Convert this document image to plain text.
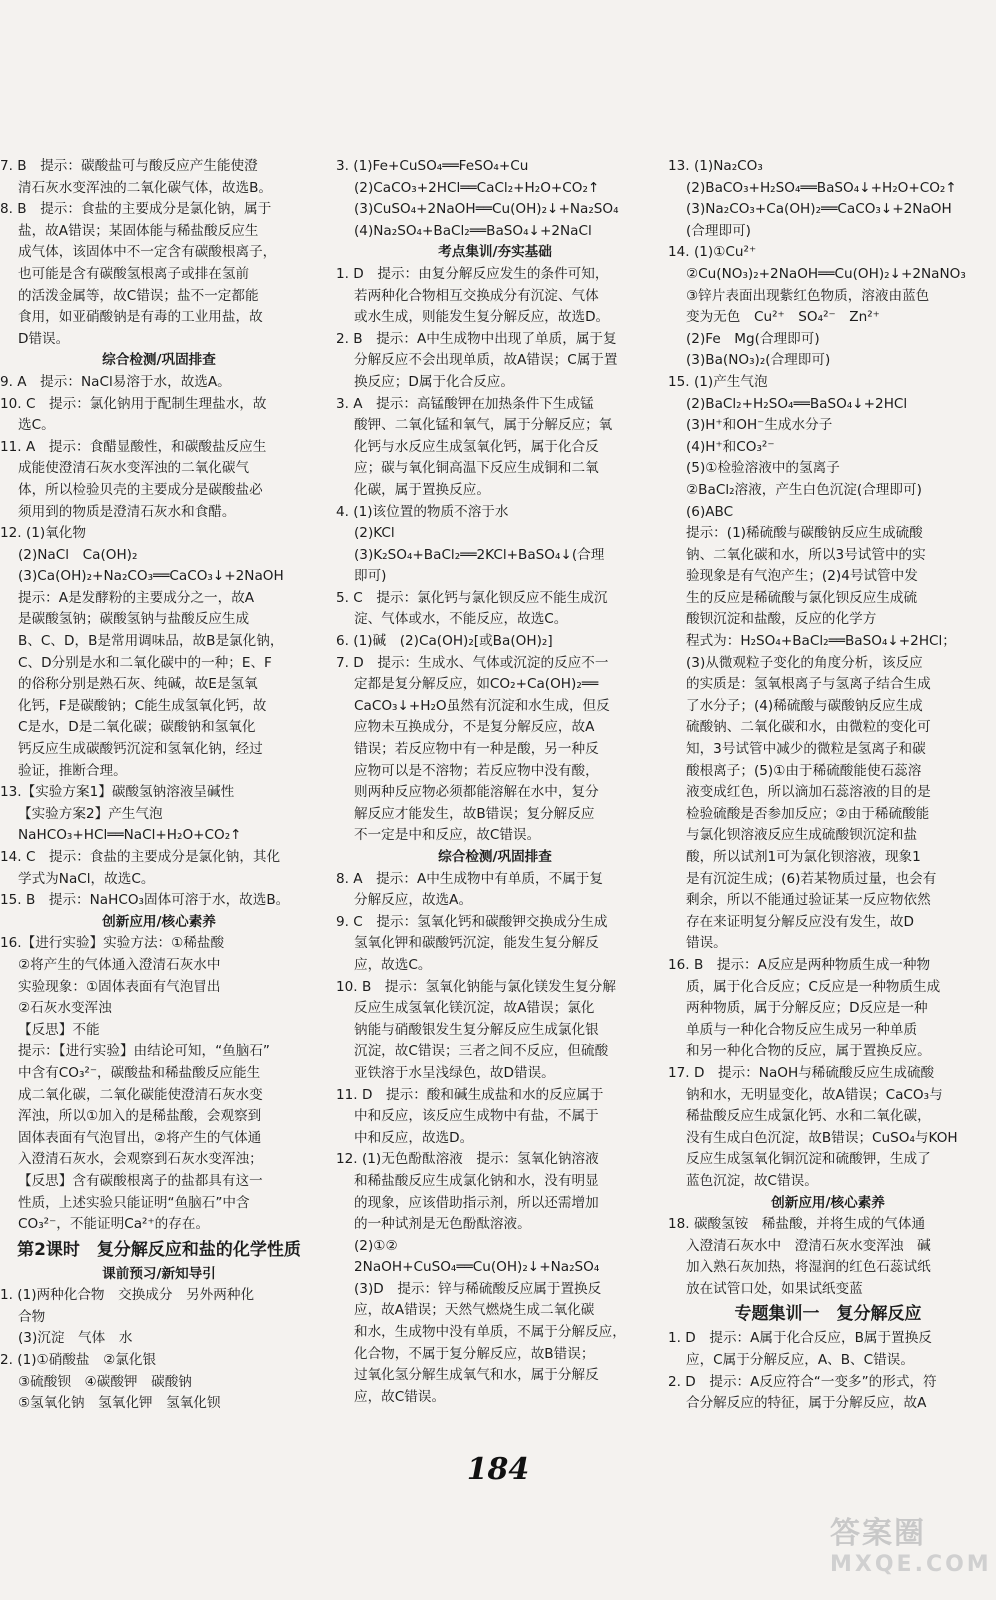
7. B　提示：碳酸盐可与酸反应产生能使澄
清石灰水变浑浊的二氧化碳气体，故选B。
8. B　提示：食盐的主要成分是氯化钠，属于
盐，故A错误；某固体能与稀盐酸反应生
成气体，该固体中不一定含有碳酸根离子，
也可能是含有碳酸氢根离子或排在氢前
的活泼金属等，故C错误；盐不一定都能
食用，如亚硝酸钠是有毒的工业用盐，故
D错误。
综合检测/巩固排查
9. A　提示：NaCl易溶于水，故选A。
10. C　提示：氯化钠用于配制生理盐水，故
选C。
11. A　提示：食醋显酸性，和碳酸盐反应生
成能使澄清石灰水变浑浊的二氧化碳气
体，所以检验贝壳的主要成分是碳酸盐必
须用到的物质是澄清石灰水和食醋。
12. (1)氧化物
(2)NaCl　Ca(OH)₂
(3)Ca(OH)₂+Na₂CO₃══CaCO₃↓+2NaOH
提示：A是发酵粉的主要成分之一，故A
是碳酸氢钠；碳酸氢钠与盐酸反应生成
B、C、D，B是常用调味品，故B是氯化钠，
C、D分别是水和二氧化碳中的一种；E、F
的俗称分别是熟石灰、纯碱，故E是氢氧
化钙，F是碳酸钠；C能生成氢氧化钙，故
C是水，D是二氧化碳；碳酸钠和氢氧化
钙反应生成碳酸钙沉淀和氢氧化钠，经过
验证，推断合理。
13.【实验方案1】碳酸氢钠溶液呈碱性
【实验方案2】产生气泡
NaHCO₃+HCl══NaCl+H₂O+CO₂↑
14. C　提示：食盐的主要成分是氯化钠，其化
学式为NaCl，故选C。
15. B　提示：NaHCO₃固体可溶于水，故选B。
创新应用/核心素养
16.【进行实验】实验方法：①稀盐酸
②将产生的气体通入澄清石灰水中
实验现象：①固体表面有气泡冒出
②石灰水变浑浊
【反思】不能
提示：【进行实验】由结论可知，“鱼脑石”
中含有CO₃²⁻，碳酸盐和稀盐酸反应能生
成二氧化碳，二氧化碳能使澄清石灰水变
浑浊，所以①加入的是稀盐酸，会观察到
固体表面有气泡冒出，②将产生的气体通
入澄清石灰水，会观察到石灰水变浑浊；
【反思】含有碳酸根离子的盐都具有这一
性质，上述实验只能证明“鱼脑石”中含
CO₃²⁻，不能证明Ca²⁺的存在。
第2课时　复分解反应和盐的化学性质
课前预习/新知导引
1. (1)两种化合物　交换成分　另外两种化
合物
(3)沉淀　气体　水
2. (1)①硝酸盐　②氯化银
③硫酸钡　④碳酸钾　碳酸钠
⑤氢氧化钠　氢氧化钾　氢氧化钡
3. (1)Fe+CuSO₄══FeSO₄+Cu
(2)CaCO₃+2HCl══CaCl₂+H₂O+CO₂↑
(3)CuSO₄+2NaOH══Cu(OH)₂↓+Na₂SO₄
(4)Na₂SO₄+BaCl₂══BaSO₄↓+2NaCl
考点集训/夯实基础
1. D　提示：由复分解反应发生的条件可知，
若两种化合物相互交换成分有沉淀、气体
或水生成，则能发生复分解反应，故选D。
2. B　提示：A中生成物中出现了单质，属于复
分解反应不会出现单质，故A错误；C属于置
换反应；D属于化合反应。
3. A　提示：高锰酸钾在加热条件下生成锰
酸钾、二氧化锰和氧气，属于分解反应；氧
化钙与水反应生成氢氧化钙，属于化合反
应；碳与氧化铜高温下反应生成铜和二氧
化碳，属于置换反应。
4. (1)该位置的物质不溶于水
(2)KCl
(3)K₂SO₄+BaCl₂══2KCl+BaSO₄↓(合理
即可)
5. C　提示：氯化钙与氯化钡反应不能生成沉
淀、气体或水，不能反应，故选C。
6. (1)碱　(2)Ca(OH)₂[或Ba(OH)₂]
7. D　提示：生成水、气体或沉淀的反应不一
定都是复分解反应，如CO₂+Ca(OH)₂══
CaCO₃↓+H₂O虽然有沉淀和水生成，但反
应物未互换成分，不是复分解反应，故A
错误；若反应物中有一种是酸，另一种反
应物可以是不溶物；若反应物中没有酸，
则两种反应物必须都能溶解在水中，复分
解反应才能发生，故B错误；复分解反应
不一定是中和反应，故C错误。
综合检测/巩固排查
8. A　提示：A中生成物中有单质，不属于复
分解反应，故选A。
9. C　提示：氢氧化钙和碳酸钾交换成分生成
氢氧化钾和碳酸钙沉淀，能发生复分解反
应，故选C。
10. B　提示：氢氧化钠能与氯化镁发生复分解
反应生成氢氧化镁沉淀，故A错误；氯化
钠能与硝酸银发生复分解反应生成氯化银
沉淀，故C错误；三者之间不反应，但硫酸
亚铁溶于水呈浅绿色，故D错误。
11. D　提示：酸和碱生成盐和水的反应属于
中和反应，该反应生成物中有盐，不属于
中和反应，故选D。
12. (1)无色酚酞溶液　提示：氢氧化钠溶液
和稀盐酸反应生成氯化钠和水，没有明显
的现象，应该借助指示剂，所以还需增加
的一种试剂是无色酚酞溶液。
(2)①②
2NaOH+CuSO₄══Cu(OH)₂↓+Na₂SO₄
(3)D　提示：锌与稀硫酸反应属于置换反
应，故A错误；天然气燃烧生成二氧化碳
和水，生成物中没有单质，不属于分解反应，
化合物，不属于复分解反应，故B错误；
过氧化氢分解生成氧气和水，属于分解反
应，故C错误。
13. (1)Na₂CO₃
(2)BaCO₃+H₂SO₄══BaSO₄↓+H₂O+CO₂↑
(3)Na₂CO₃+Ca(OH)₂══CaCO₃↓+2NaOH
(合理即可)
14. (1)①Cu²⁺
②Cu(NO₃)₂+2NaOH══Cu(OH)₂↓+2NaNO₃
③锌片表面出现紫红色物质，溶液由蓝色
变为无色　Cu²⁺　SO₄²⁻　Zn²⁺
(2)Fe　Mg(合理即可)
(3)Ba(NO₃)₂(合理即可)
15. (1)产生气泡
(2)BaCl₂+H₂SO₄══BaSO₄↓+2HCl
(3)H⁺和OH⁻生成水分子
(4)H⁺和CO₃²⁻
(5)①检验溶液中的氢离子
②BaCl₂溶液，产生白色沉淀(合理即可)
(6)ABC
提示：(1)稀硫酸与碳酸钠反应生成硫酸
钠、二氧化碳和水，所以3号试管中的实
验现象是有气泡产生；(2)4号试管中发
生的反应是稀硫酸与氯化钡反应生成硫
酸钡沉淀和盐酸，反应的化学方
程式为：H₂SO₄+BaCl₂══BaSO₄↓+2HCl；
(3)从微观粒子变化的角度分析，该反应
的实质是：氢氧根离子与氢离子结合生成
了水分子；(4)稀硫酸与碳酸钠反应生成
硫酸钠、二氧化碳和水，由微粒的变化可
知，3号试管中减少的微粒是氢离子和碳
酸根离子；(5)①由于稀硫酸能使石蕊溶
液变成红色，所以滴加石蕊溶液的目的是
检验硫酸是否参加反应；②由于稀硫酸能
与氯化钡溶液反应生成硫酸钡沉淀和盐
酸，所以试剂1可为氯化钡溶液，现象1
是有沉淀生成；(6)若某物质过量，也会有
剩余，所以不能通过验证某一反应物依然
存在来证明复分解反应没有发生，故D
错误。
16. B　提示：A反应是两种物质生成一种物
质，属于化合反应；C反应是一种物质生成
两种物质，属于分解反应；D反应是一种
单质与一种化合物反应生成另一种单质
和另一种化合物的反应，属于置换反应。
17. D　提示：NaOH与稀硫酸反应生成硫酸
钠和水，无明显变化，故A错误；CaCO₃与
稀盐酸反应生成氯化钙、水和二氧化碳，
没有生成白色沉淀，故B错误；CuSO₄与KOH
反应生成氢氧化铜沉淀和硫酸钾，生成了
蓝色沉淀，故C错误。
创新应用/核心素养
18. 碳酸氢铵　稀盐酸，并将生成的气体通
入澄清石灰水中　澄清石灰水变浑浊　碱
加入熟石灰加热，将湿润的红色石蕊试纸
放在试管口处，如果试纸变蓝
专题集训一　复分解反应
1. D　提示：A属于化合反应，B属于置换反
应，C属于分解反应，A、B、C错误。
2. D　提示：A反应符合“一变多”的形式，符
合分解反应的特征，属于分解反应，故A
184
答案圈
MXQE.COM
